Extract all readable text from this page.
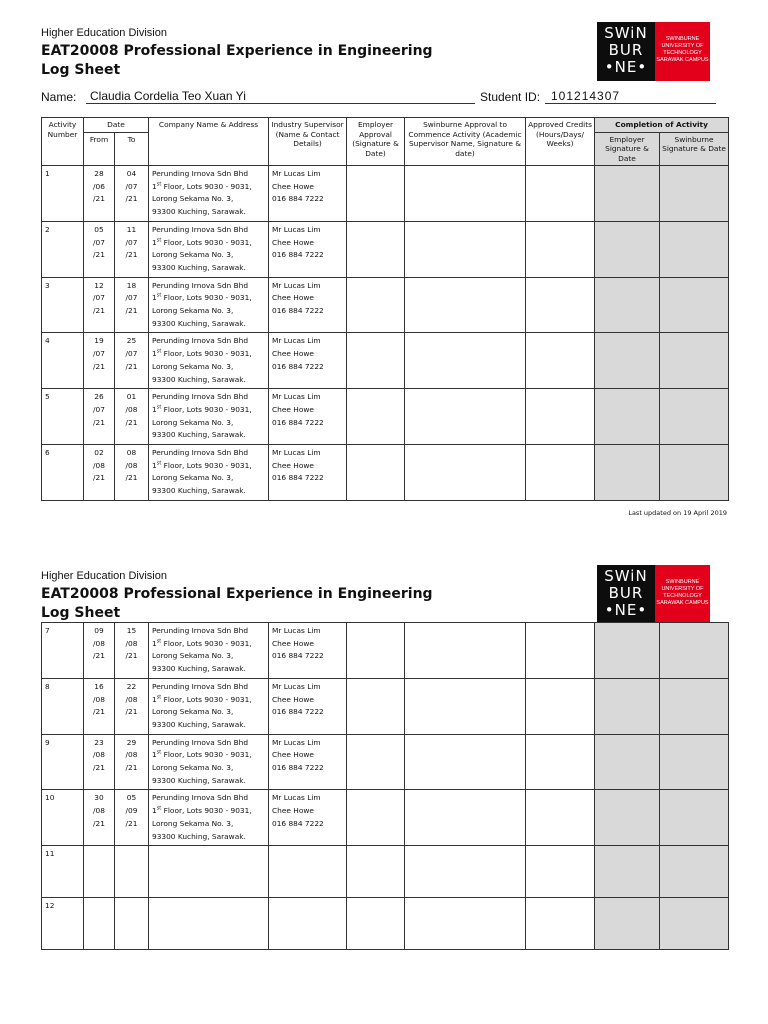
Higher Education Division
EAT20008 Professional Experience in Engineering
Log Sheet
SWiN
BUR
•NE•
SWINBURNE
UNIVERSITY OF
TECHNOLOGY
SARAWAK CAMPUS
Name: Claudia Cordelia Teo Xuan Yi	Student ID: 101214307
Activity Number	Date		Company Name & Address	Industry Supervisor (Name & Contact Details)	Employer Approval (Signature & Date)	Swinburne Approval to Commence Activity (Academic Supervisor Name, Signature & date)	Approved Credits (Hours/Days/ Weeks)	Completion of Activity	
	From	To						Employer Signature & Date	Swinburne Signature & Date
1	28
/06
/21	04
/07
/21	Perunding Irnova Sdn Bhd
1st Floor, Lots 9030 - 9031,
Lorong Sekama No. 3,
93300 Kuching, Sarawak.	Mr Lucas Lim
Chee Howe
016 884 7222					

2	05
/07
/21	11
/07
/21	Perunding Irnova Sdn Bhd
1st Floor, Lots 9030 - 9031,
Lorong Sekama No. 3,
93300 Kuching, Sarawak.	Mr Lucas Lim
Chee Howe
016 884 7222					

3	12
/07
/21	18
/07
/21	Perunding Irnova Sdn Bhd
1st Floor, Lots 9030 - 9031,
Lorong Sekama No. 3,
93300 Kuching, Sarawak.	Mr Lucas Lim
Chee Howe
016 884 7222					

4	19
/07
/21	25
/07
/21	Perunding Irnova Sdn Bhd
1st Floor, Lots 9030 - 9031,
Lorong Sekama No. 3,
93300 Kuching, Sarawak.	Mr Lucas Lim
Chee Howe
016 884 7222					

5	26
/07
/21	01
/08
/21	Perunding Irnova Sdn Bhd
1st Floor, Lots 9030 - 9031,
Lorong Sekama No. 3,
93300 Kuching, Sarawak.	Mr Lucas Lim
Chee Howe
016 884 7222					

6	02
/08
/21	08
/08
/21	Perunding Irnova Sdn Bhd
1st Floor, Lots 9030 - 9031,
Lorong Sekama No. 3,
93300 Kuching, Sarawak.	Mr Lucas Lim
Chee Howe
016 884 7222					

Last updated on 19 April 2019
Higher Education Division
EAT20008 Professional Experience in Engineering
Log Sheet
SWiN
BUR
•NE•
SWINBURNE
UNIVERSITY OF
TECHNOLOGY
SARAWAK CAMPUS
7	09
/08
/21	15
/08
/21	Perunding Irnova Sdn Bhd
1st Floor, Lots 9030 - 9031,
Lorong Sekama No. 3,
93300 Kuching, Sarawak.	Mr Lucas Lim
Chee Howe
016 884 7222					

8	16
/08
/21	22
/08
/21	Perunding Irnova Sdn Bhd
1st Floor, Lots 9030 - 9031,
Lorong Sekama No. 3,
93300 Kuching, Sarawak.	Mr Lucas Lim
Chee Howe
016 884 7222					

9	23
/08
/21	29
/08
/21	Perunding Irnova Sdn Bhd
1st Floor, Lots 9030 - 9031,
Lorong Sekama No. 3,
93300 Kuching, Sarawak.	Mr Lucas Lim
Chee Howe
016 884 7222					

10	30
/08
/21	05
/09
/21	Perunding Irnova Sdn Bhd
1st Floor, Lots 9030 - 9031,
Lorong Sekama No. 3,
93300 Kuching, Sarawak.	Mr Lucas Lim
Chee Howe
016 884 7222					

11									
12									
